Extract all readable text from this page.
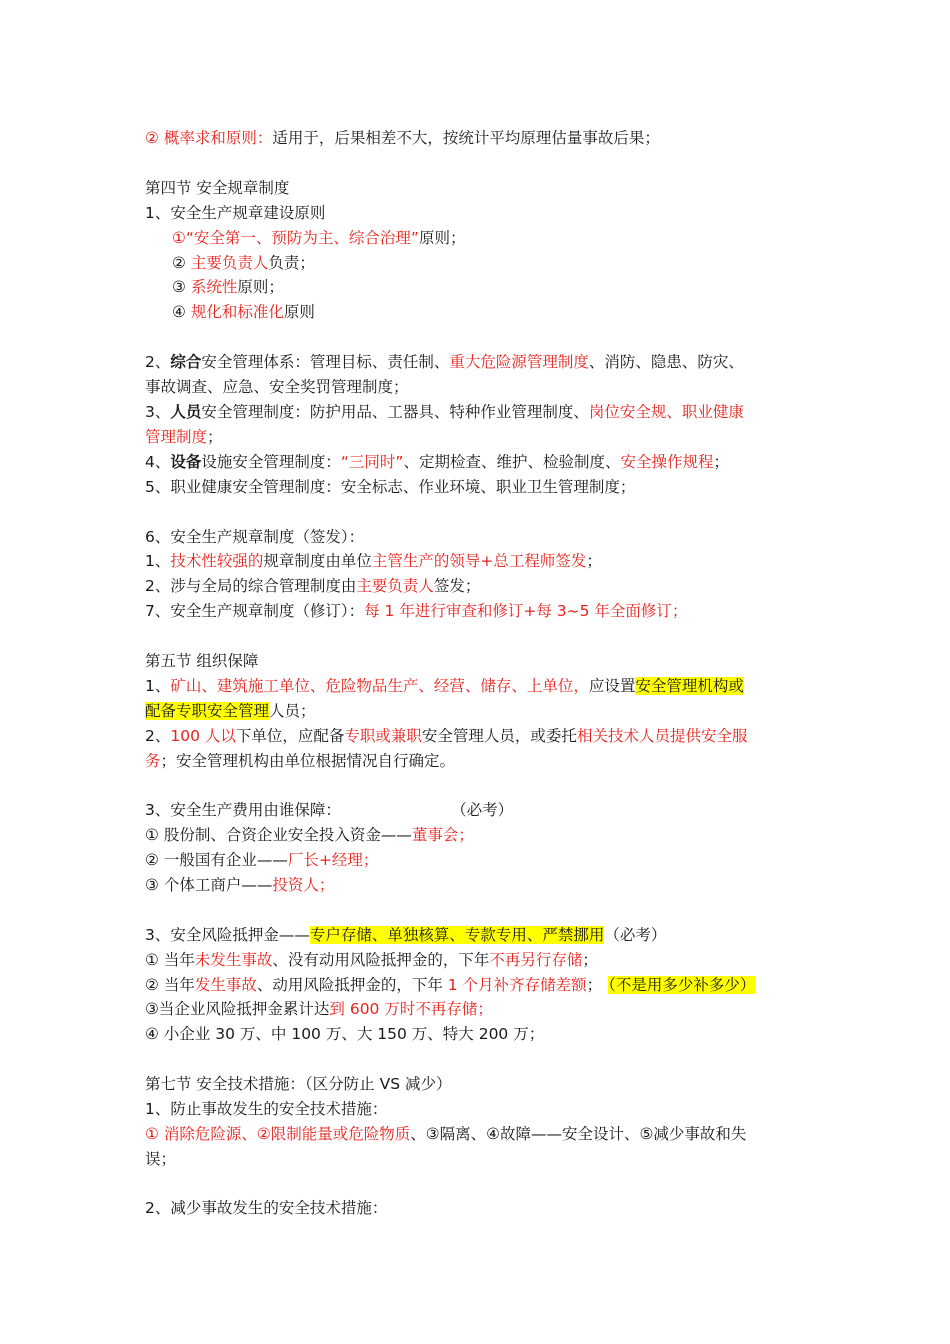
② 概率求和原则：适用于，后果相差不大，按统计平均原理估量事故后果；
第四节 安全规章制度
1、安全生产规章建设原则
①“安全第一、预防为主、综合治理”原则；
② 主要负责人负责；
③ 系统性原则；
④ 规化和标准化原则
2、综合安全管理体系：管理目标、责任制、重大危险源管理制度、消防、隐患、防灾、
事故调查、应急、安全奖罚管理制度；
3、人员安全管理制度：防护用品、工器具、特种作业管理制度、岗位安全规、职业健康
管理制度；
4、设备设施安全管理制度：“三同时”、定期检查、维护、检验制度、安全操作规程；
5、职业健康安全管理制度：安全标志、作业环境、职业卫生管理制度；
6、安全生产规章制度（签发）：
1、技术性较强的规章制度由单位主管生产的领导+总工程师签发；
2、涉与全局的综合管理制度由主要负责人签发；
7、安全生产规章制度（修订）：每 1 年进行审查和修订+每 3~5 年全面修订；
第五节 组织保障
1、矿山、建筑施工单位、危险物品生产、经营、储存、上单位，应设置安全管理机构或
配备专职安全管理人员；
2、100 人以下单位，应配备专职或兼职安全管理人员，或委托相关技术人员提供安全服
务；安全管理机构由单位根据情况自行确定。
3、安全生产费用由谁保障：	（必考）
① 股份制、合资企业安全投入资金——董事会；
② 一般国有企业——厂长+经理；
③ 个体工商户——投资人；
3、安全风险抵押金——专户存储、单独核算、专款专用、严禁挪用（必考）
① 当年未发生事故、没有动用风险抵押金的，下年不再另行存储；
② 当年发生事故、动用风险抵押金的，下年 1 个月补齐存储差额； （不是用多少补多少）
③当企业风险抵押金累计达到 600 万时不再存储；
④ 小企业 30 万、中 100 万、大 150 万、特大 200 万；
第七节 安全技术措施：（区分防止 VS 减少）
1、防止事故发生的安全技术措施：
① 消除危险源、②限制能量或危险物质、③隔离、④故障——安全设计、⑤减少事故和失
误；
2、减少事故发生的安全技术措施：
